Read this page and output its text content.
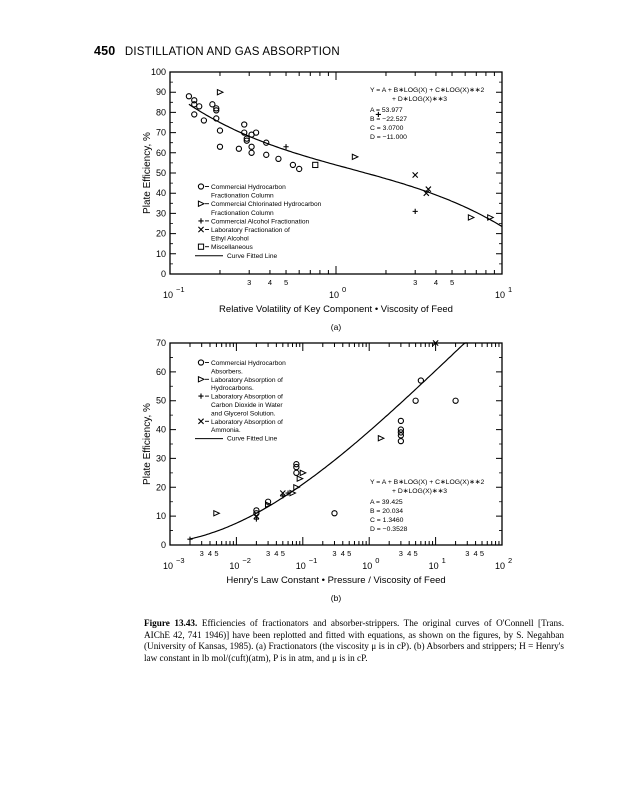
450 DISTILLATION AND GAS ABSORPTION
0
10
20
30
40
50
60
70
80
90
100
10
−1
10
0
10
1
3 4 5	3 4 5
Relative Volatility of Key Component • Viscosity of Feed
Plate Efficiency, %
(a)
Y = A + B∗LOG(X) + C∗LOG(X)∗∗2
+ D∗LOG(X)∗∗3
A = 53.977
B = −22.527
C = 3.0700
D = −11.000
Commercial Hydrocarbon
Fractionation Column
Commercial Chlorinated Hydrocarbon
Fractionation Column
Commercial Alcohol Fractionation
Laboratory Fractionation of
Ethyl Alcohol
Miscellaneous
Curve Fitted Line
0
10
20
30
40
50
60
70
10
−3
10
−2
10
−1
10
0
10
1
10
2
3 4 5	3 4 5	3 4 5	3 4 5	3 4 5
Henry's Law Constant • Pressure / Viscosity of Feed
Plate Efficiency, %
(b)
Y = A + B∗LOG(X) + C∗LOG(X)∗∗2
+ D∗LOG(X)∗∗3
A = 39.425
B = 20.034
C = 1.3460
D = −0.3528
Commercial Hydrocarbon
Absorbers.
Laboratory Absorption of
Hydrocarbons.
Laboratory Absorption of
Carbon Dioxide in Water
and Glycerol Solution.
Laboratory Absorption of
Ammonia.
Curve Fitted Line
Figure 13.43. Efficiencies of fractionators and absorber-strippers. The original curves of O'Connell [Trans. AIChE 42, 741 1946)] have been replotted and fitted with equations, as shown on the figures, by S. Negahban (University of Kansas, 1985). (a) Fractionators (the viscosity μ is in cP). (b) Absorbers and strippers; H = Henry's law constant in lb mol/(cuft)(atm), P is in atm, and μ is in cP.
